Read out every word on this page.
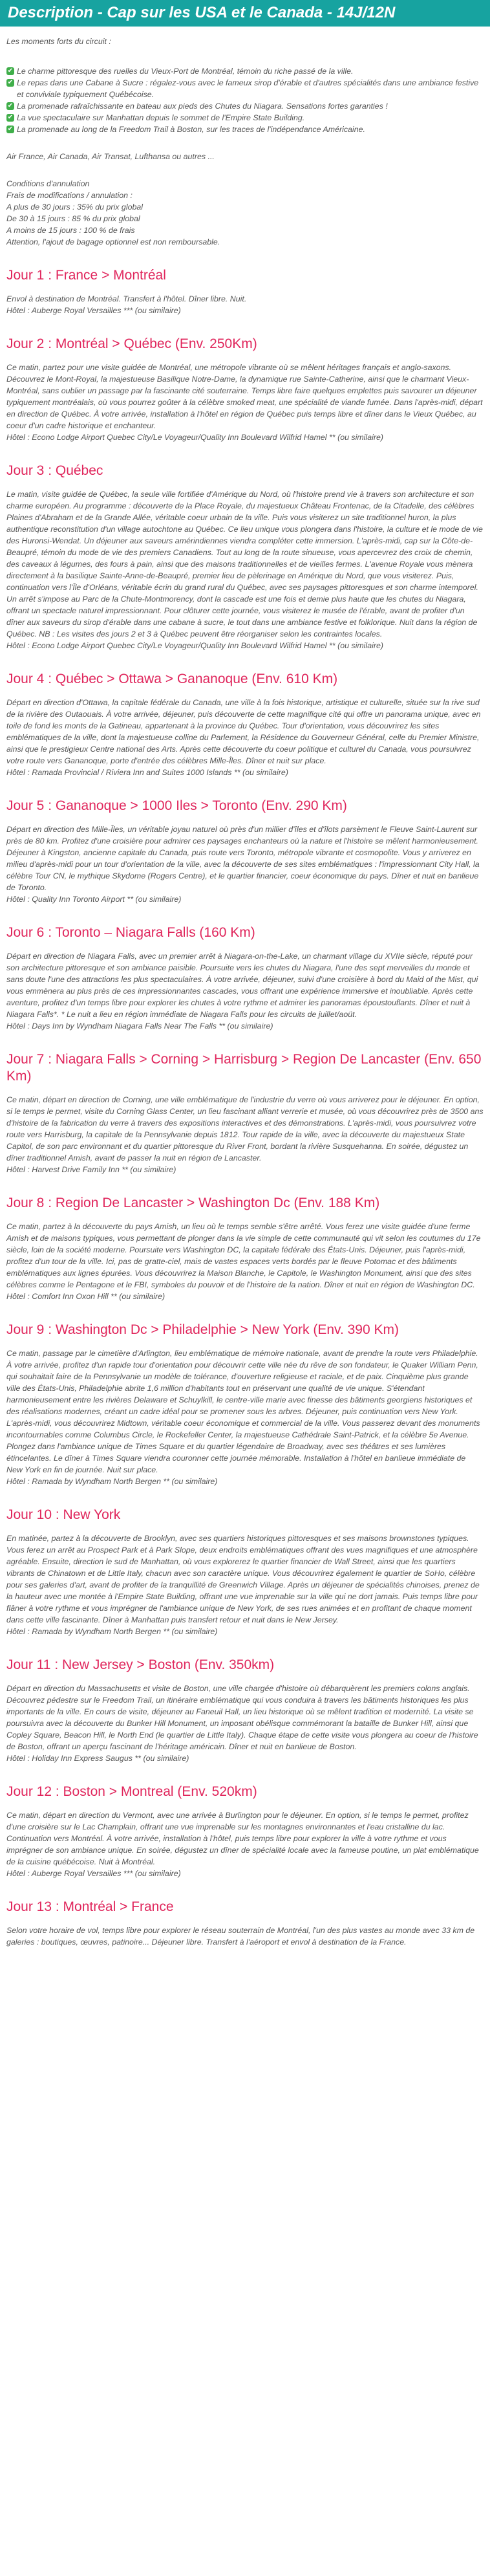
Description - Cap sur les USA et le Canada - 14J/12N
Les moments forts du circuit :
✔ Le charme pittoresque des ruelles du Vieux-Port de Montréal, témoin du riche passé de la ville.
✔ Le repas dans une Cabane à Sucre : régalez-vous avec le fameux sirop d'érable et d'autres spécialités dans une ambiance festive et conviviale typiquement Québécoise.
✔ La promenade rafraîchissante en bateau aux pieds des Chutes du Niagara. Sensations fortes garanties !
✔ La vue spectaculaire sur Manhattan depuis le sommet de l'Empire State Building.
✔ La promenade au long de la Freedom Trail à Boston, sur les traces de l'indépendance Américaine.

Air France, Air Canada, Air Transat, Lufthansa ou autres ...

Conditions d'annulation

Frais de modifications / annulation :

A plus de 30 jours : 35% du prix global

De 30 à 15 jours : 85 % du prix global

A moins de 15 jours : 100 % de frais

Attention, l'ajout de bagage optionnel est non remboursable.

Jour 1 : France > Montréal

Envol à destination de Montréal. Transfert à l'hôtel. Dîner libre. Nuit.
Hôtel : Auberge Royal Versailles *** (ou similaire)

Jour 2 : Montréal > Québec (Env. 250Km)

Ce matin, partez pour une visite guidée de Montréal, une métropole vibrante où se mêlent héritages français et anglo-saxons. Découvrez le Mont-Royal, la majestueuse Basilique Notre-Dame, la dynamique rue Sainte-Catherine, ainsi que le charmant Vieux-Montréal, sans oublier un passage par la fascinante cité souterraine. Temps libre faire quelques emplettes puis savourer un déjeuner typiquement montréalais, où vous pourrez goûter à la célèbre smoked meat, une spécialité de viande fumée. Dans l'après-midi, départ en direction de Québec. À votre arrivée, installation à l'hôtel en région de Québec puis temps libre et dîner dans le Vieux Québec, au coeur d'un cadre historique et enchanteur.
Hôtel : Econo Lodge Airport Quebec City/Le Voyageur/Quality Inn Boulevard Wilfrid Hamel ** (ou similaire)

Jour 3 : Québec

Le matin, visite guidée de Québec, la seule ville fortifiée d'Amérique du Nord, où l'histoire prend vie à travers son architecture et son charme européen. Au programme : découverte de la Place Royale, du majestueux Château Frontenac, de la Citadelle, des célèbres Plaines d'Abraham et de la Grande Allée, véritable coeur urbain de la ville. Puis vous visiterez un site traditionnel huron, la plus authentique reconstitution d'un village autochtone au Québec. Ce lieu unique vous plongera dans l'histoire, la culture et le mode de vie des Huronsi-Wendat. Un déjeuner aux saveurs amérindiennes viendra compléter cette immersion. L'après-midi, cap sur la Côte-de-Beaupré, témoin du mode de vie des premiers Canadiens. Tout au long de la route sinueuse, vous apercevrez des croix de chemin, des caveaux à légumes, des fours à pain, ainsi que des maisons traditionnelles et de vieilles fermes. L'avenue Royale vous mènera directement à la basilique Sainte-Anne-de-Beaupré, premier lieu de pèlerinage en Amérique du Nord, que vous visiterez. Puis, continuation vers l'Île d'Orléans, véritable écrin du grand rural du Québec, avec ses paysages pittoresques et son charme intemporel. Un arrêt s'impose au Parc de la Chute-Montmorency, dont la cascade est une fois et demie plus haute que les chutes du Niagara, offrant un spectacle naturel impressionnant. Pour clôturer cette journée, vous visiterez le musée de l'érable, avant de profiter d'un dîner aux saveurs du sirop d'érable dans une cabane à sucre, le tout dans une ambiance festive et folklorique. Nuit dans la région de Québec. NB : Les visites des jours 2 et 3 à Québec peuvent être réorganiser selon les contraintes locales.
Hôtel : Econo Lodge Airport Quebec City/Le Voyageur/Quality Inn Boulevard Wilfrid Hamel ** (ou similaire)

Jour 4 : Québec > Ottawa > Gananoque (Env. 610 Km)

Départ en direction d'Ottawa, la capitale fédérale du Canada, une ville à la fois historique, artistique et culturelle, située sur la rive sud de la rivière des Outaouais. À votre arrivée, déjeuner, puis découverte de cette magnifique cité qui offre un panorama unique, avec en toile de fond les monts de la Gatineau, appartenant à la province du Québec. Tour d'orientation, vous découvrirez les sites emblématiques de la ville, dont la majestueuse colline du Parlement, la Résidence du Gouverneur Général, celle du Premier Ministre, ainsi que le prestigieux Centre national des Arts. Après cette découverte du coeur politique et culturel du Canada, vous poursuivrez votre route vers Gananoque, porte d'entrée des célèbres Mille-Îles. Dîner et nuit sur place.
Hôtel : Ramada Provincial / Riviera Inn and Suites 1000 Islands ** (ou similaire)

Jour 5 : Gananoque > 1000 Iles > Toronto (Env. 290 Km)

Départ en direction des Mille-Îles, un véritable joyau naturel où près d'un millier d'îles et d'îlots parsèment le Fleuve Saint-Laurent sur près de 80 km. Profitez d'une croisière pour admirer ces paysages enchanteurs où la nature et l'histoire se mêlent harmonieusement. Déjeuner à Kingston, ancienne capitale du Canada, puis route vers Toronto, métropole vibrante et cosmopolite. Vous y arriverez en milieu d'après-midi pour un tour d'orientation de la ville, avec la découverte de ses sites emblématiques : l'impressionnant City Hall, la célèbre Tour CN, le mythique Skydome (Rogers Centre), et le quartier financier, coeur économique du pays. Dîner et nuit en banlieue de Toronto.
Hôtel : Quality Inn Toronto Airport ** (ou similaire)

Jour 6 : Toronto – Niagara Falls (160 Km)

Départ en direction de Niagara Falls, avec un premier arrêt à Niagara-on-the-Lake, un charmant village du XVIIe siècle, réputé pour son architecture pittoresque et son ambiance paisible. Poursuite vers les chutes du Niagara, l'une des sept merveilles du monde et sans doute l'une des attractions les plus spectaculaires. À votre arrivée, déjeuner, suivi d'une croisière à bord du Maid of the Mist, qui vous emmènera au plus près de ces impressionnantes cascades, vous offrant une expérience immersive et inoubliable. Après cette aventure, profitez d'un temps libre pour explorer les chutes à votre rythme et admirer les panoramas époustouflants. Dîner et nuit à Niagara Falls*. * Le nuit a lieu en région immédiate de Niagara Falls pour les circuits de juillet/aoüt.
Hôtel : Days Inn by Wyndham Niagara Falls Near The Falls ** (ou similaire)

Jour 7 : Niagara Falls > Corning > Harrisburg > Region De Lancaster (Env. 650 Km)

Ce matin, départ en direction de Corning, une ville emblématique de l'industrie du verre où vous arriverez pour le déjeuner. En option, si le temps le permet, visite du Corning Glass Center, un lieu fascinant alliant verrerie et musée, où vous découvrirez près de 3500 ans d'histoire de la fabrication du verre à travers des expositions interactives et des démonstrations. L'après-midi, vous poursuivrez votre route vers Harrisburg, la capitale de la Pennsylvanie depuis 1812. Tour rapide de la ville, avec la découverte du majestueux State Capitol, de son parc environnant et du quartier pittoresque du River Front, bordant la rivière Susquehanna. En soirée, dégustez un dîner traditionnel Amish, avant de passer la nuit en région de Lancaster.
Hôtel : Harvest Drive Family Inn ** (ou similaire)

Jour 8 : Region De Lancaster > Washington Dc (Env. 188 Km)

Ce matin, partez à la découverte du pays Amish, un lieu où le temps semble s'être arrêté. Vous ferez une visite guidée d'une ferme Amish et de maisons typiques, vous permettant de plonger dans la vie simple de cette communauté qui vit selon les coutumes du 17e siècle, loin de la société moderne. Poursuite vers Washington DC, la capitale fédérale des États-Unis. Déjeuner, puis l'après-midi, profitez d'un tour de la ville. Ici, pas de gratte-ciel, mais de vastes espaces verts bordés par le fleuve Potomac et des bâtiments emblématiques aux lignes épurées. Vous découvrirez la Maison Blanche, le Capitole, le Washington Monument, ainsi que des sites célèbres comme le Pentagone et le FBI, symboles du pouvoir et de l'histoire de la nation. Dîner et nuit en région de Washington DC.
Hôtel : Comfort Inn Oxon Hill ** (ou similaire)

Jour 9 : Washington Dc > Philadelphie > New York (Env. 390 Km)

Ce matin, passage par le cimetière d'Arlington, lieu emblématique de mémoire nationale, avant de prendre la route vers Philadelphie. À votre arrivée, profitez d'un rapide tour d'orientation pour découvrir cette ville née du rêve de son fondateur, le Quaker William Penn, qui souhaitait faire de la Pennsylvanie un modèle de tolérance, d'ouverture religieuse et raciale, et de paix. Cinquième plus grande ville des États-Unis, Philadelphie abrite 1,6 million d'habitants tout en préservant une qualité de vie unique. S'étendant harmonieusement entre les rivières Delaware et Schuylkill, le centre-ville marie avec finesse des bâtiments georgiens historiques et des réalisations modernes, créant un cadre idéal pour se promener sous les arbres. Déjeuner, puis continuation vers New York. L'après-midi, vous découvrirez Midtown, véritable coeur économique et commercial de la ville. Vous passerez devant des monuments incontournables comme Columbus Circle, le Rockefeller Center, la majestueuse Cathédrale Saint-Patrick, et la célèbre 5e Avenue. Plongez dans l'ambiance unique de Times Square et du quartier légendaire de Broadway, avec ses théâtres et ses lumières étincelantes. Le dîner à Times Square viendra couronner cette journée mémorable. Installation à l'hôtel en banlieue immédiate de New York en fin de journée. Nuit sur place.
Hôtel : Ramada by Wyndham North Bergen ** (ou similaire)

Jour 10 : New York

En matinée, partez à la découverte de Brooklyn, avec ses quartiers historiques pittoresques et ses maisons brownstones typiques. Vous ferez un arrêt au Prospect Park et à Park Slope, deux endroits emblématiques offrant des vues magnifiques et une atmosphère agréable. Ensuite, direction le sud de Manhattan, où vous explorerez le quartier financier de Wall Street, ainsi que les quartiers vibrants de Chinatown et de Little Italy, chacun avec son caractère unique. Vous découvrirez également le quartier de SoHo, célèbre pour ses galeries d'art, avant de profiter de la tranquillité de Greenwich Village. Après un déjeuner de spécialités chinoises, prenez de la hauteur avec une montée à l'Empire State Building, offrant une vue imprenable sur la ville qui ne dort jamais. Puis temps libre pour flâner à votre rythme et vous imprégner de l'ambiance unique de New York, de ses rues animées et en profitant de chaque moment dans cette ville fascinante. Dîner à Manhattan puis transfert retour et nuit dans le New Jersey.
Hôtel : Ramada by Wyndham North Bergen ** (ou similaire)

Jour 11 : New Jersey > Boston (Env. 350km)

Départ en direction du Massachusetts et visite de Boston, une ville chargée d'histoire où débarquèrent les premiers colons anglais. Découvrez pédestre sur le Freedom Trail, un itinéraire emblématique qui vous conduira à travers les bâtiments historiques les plus importants de la ville. En cours de visite, déjeuner au Faneuil Hall, un lieu historique où se mêlent tradition et modernité. La visite se poursuivra avec la découverte du Bunker Hill Monument, un imposant obélisque commémorant la bataille de Bunker Hill, ainsi que Copley Square, Beacon Hill, le North End (le quartier de Little Italy). Chaque étape de cette visite vous plongera au coeur de l'histoire de Boston, offrant un aperçu fascinant de l'héritage américain. Dîner et nuit en banlieue de Boston.
Hôtel : Holiday Inn Express Saugus ** (ou similaire)

Jour 12 : Boston > Montreal (Env. 520km)

Ce matin, départ en direction du Vermont, avec une arrivée à Burlington pour le déjeuner. En option, si le temps le permet, profitez d'une croisière sur le Lac Champlain, offrant une vue imprenable sur les montagnes environnantes et l'eau cristalline du lac. Continuation vers Montréal. À votre arrivée, installation à l'hôtel, puis temps libre pour explorer la ville à votre rythme et vous imprégner de son ambiance unique. En soirée, dégustez un dîner de spécialité locale avec la fameuse poutine, un plat emblématique de la cuisine québécoise. Nuit à Montréal.
Hôtel : Auberge Royal Versailles *** (ou similaire)

Jour 13 : Montréal > France

Selon votre horaire de vol, temps libre pour explorer le réseau souterrain de Montréal, l'un des plus vastes au monde avec 33 km de galeries : boutiques, œuvres, patinoire... Déjeuner libre. Transfert à l'aéroport et envol à destination de la France.
